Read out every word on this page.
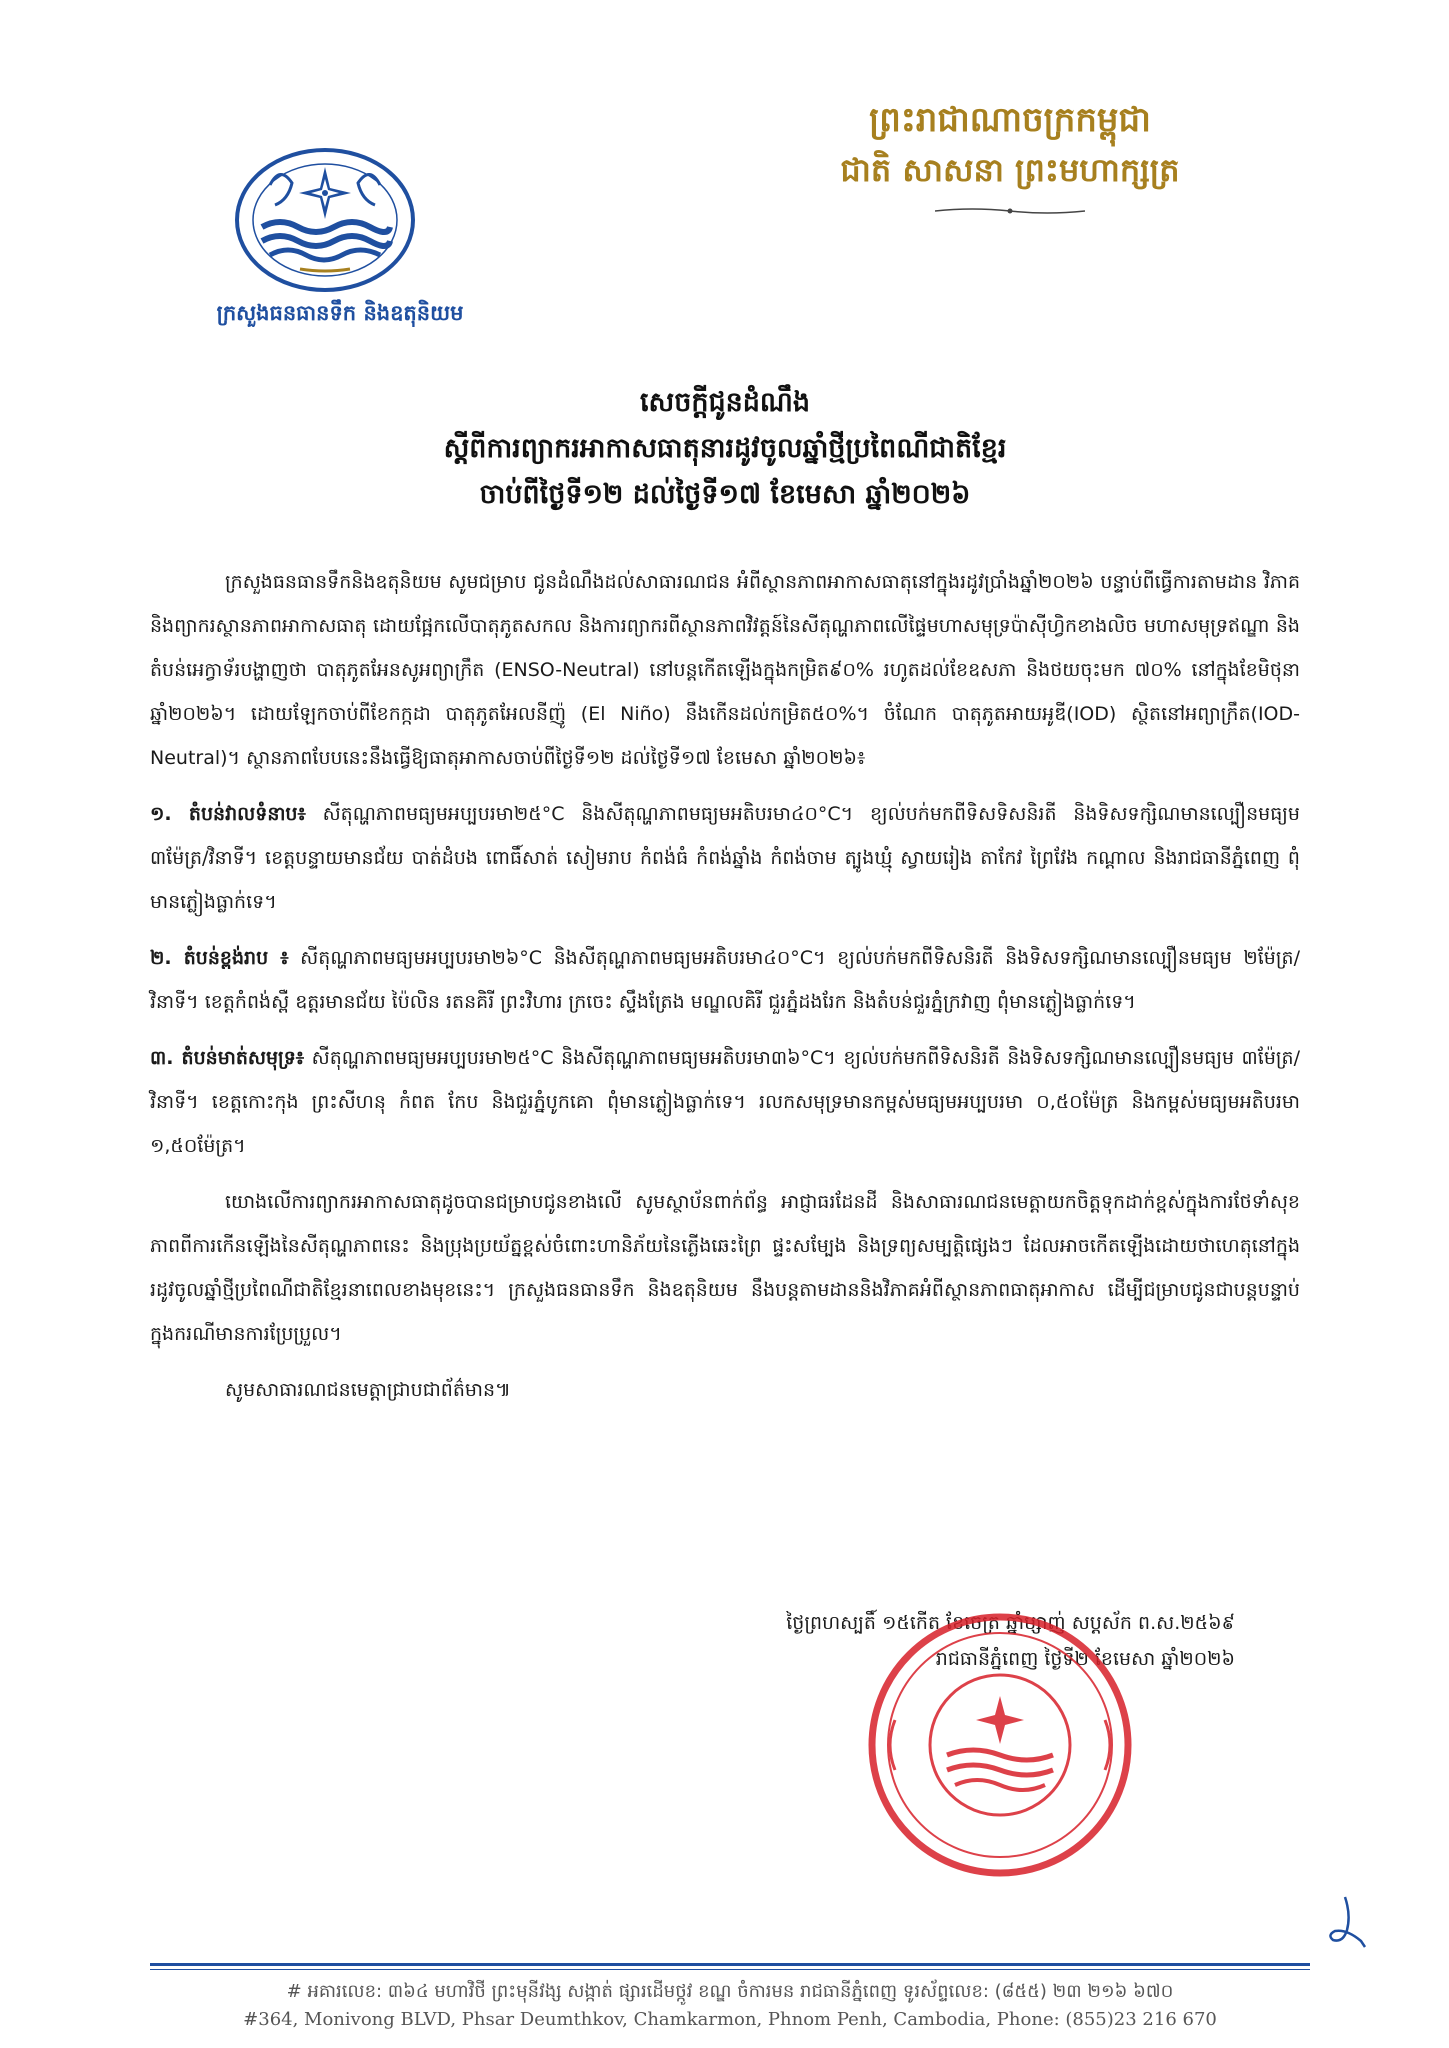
ព្រះរាជាណាចក្រកម្ពុជា
ជាតិ សាសនា ព្រះមហាក្សត្រ
ក្រសួងធនធានទឹក និងឧតុនិយម
សេចក្តីជូនដំណឹង
ស្តីពីការព្យាករអាកាសធាតុនារដូវចូលឆ្នាំថ្មីប្រពៃណីជាតិខ្មែរ
ចាប់ពីថ្ងៃទី១២ ដល់ថ្ងៃទី១៧ ខែមេសា ឆ្នាំ២០២៦

ក្រសួងធនធានទឹកនិងឧតុនិយម សូមជម្រាប ជូនដំណឹងដល់សាធារណជន អំពីស្ថានភាពអាកាសធាតុនៅក្នុងរដូវប្រាំងឆ្នាំ២០២៦ បន្ទាប់ពីធ្វើការតាមដាន វិភាគ និងព្យាករស្ថានភាពអាកាសធាតុ ដោយផ្អែកលើបាតុភូតសកល និងការព្យាករពីស្ថានភាពវិវត្តន៍នៃសីតុណ្ហភាពលើផ្ទៃមហាសមុទ្រប៉ាស៊ីហ្វិកខាងលិច មហាសមុទ្រឥណ្ឌា និងតំបន់អេក្វាទ័របង្ហាញថា បាតុភូតអែនសូអព្យាក្រឹត (ENSO-Neutral) នៅបន្តកើតឡើងក្នុងកម្រិត៩០% រហូតដល់ខែឧសភា និងថយចុះមក ៧០% នៅក្នុងខែមិថុនា ឆ្នាំ២០២៦។ ដោយឡែកចាប់ពីខែកក្កដា បាតុភូតអែលនីញ៉ូ (El Niño) នឹងកើនដល់កម្រិត៥០%។ ចំណែក បាតុភូតអាយអូឌី(IOD) ស្ថិតនៅអព្យាក្រឹត(IOD-Neutral)។ ស្ថានភាពបែបនេះនឹងធ្វើឱ្យធាតុអាកាសចាប់ពីថ្ងៃទី១២ ដល់ថ្ងៃទី១៧ ខែមេសា ឆ្នាំ២០២៦៖

១. តំបន់វាលទំនាប៖ សីតុណ្ហភាពមធ្យមអប្បបរមា២៥°C និងសីតុណ្ហភាពមធ្យមអតិបរមា៤០°C។ ខ្យល់បក់មកពីទិសទិសនិរតី និងទិសទក្សិណមានល្បឿនមធ្យម ៣ម៉ែត្រ/វិនាទី។ ខេត្តបន្ទាយមានជ័យ បាត់ដំបង ពោធិ៍សាត់ សៀមរាប កំពង់ធំ កំពង់ឆ្នាំង កំពង់ចាម ត្បូងឃ្មុំ ស្វាយរៀង តាកែវ ព្រៃវែង កណ្តាល និងរាជធានីភ្នំពេញ ពុំមានភ្លៀងធ្លាក់ទេ។

២. តំបន់ខ្ពង់រាប ៖ សីតុណ្ហភាពមធ្យមអប្បបរមា២៦°C និងសីតុណ្ហភាពមធ្យមអតិបរមា៤០°C។ ខ្យល់បក់មកពីទិសនិរតី និងទិសទក្សិណមានល្បឿនមធ្យម ២ម៉ែត្រ/វិនាទី។ ខេត្តកំពង់ស្ពឺ ឧត្តរមានជ័យ ប៉ៃលិន រតនគិរី ព្រះវិហារ ក្រចេះ ស្ទឹងត្រែង មណ្ឌលគិរី ជួរភ្នំដងរែក និងតំបន់ជួរភ្នំក្រវាញ ពុំមានភ្លៀងធ្លាក់ទេ។

៣. តំបន់មាត់សមុទ្រ៖ សីតុណ្ហភាពមធ្យមអប្បបរមា២៥°C និងសីតុណ្ហភាពមធ្យមអតិបរមា៣៦°C។ ខ្យល់បក់មកពីទិសនិរតី និងទិសទក្សិណមានល្បឿនមធ្យម ៣ម៉ែត្រ/វិនាទី។ ខេត្តកោះកុង ព្រះសីហនុ កំពត កែប និងជួរភ្នំបូកគោ ពុំមានភ្លៀងធ្លាក់ទេ។ រលកសមុទ្រមានកម្ពស់មធ្យមអប្បបរមា ០,៥០ម៉ែត្រ និងកម្ពស់មធ្យមអតិបរមា ១,៥០ម៉ែត្រ។

យោងលើការព្យាករអាកាសធាតុដូចបានជម្រាបជូនខាងលើ សូមស្ថាប័នពាក់ព័ន្ធ អាជ្ញាធរដែនដី និងសាធារណជនមេត្តាយកចិត្តទុកដាក់ខ្ពស់ក្នុងការថែទាំសុខភាពពីការកើនឡើងនៃសីតុណ្ហភាពនេះ និងប្រុងប្រយ័ត្នខ្ពស់ចំពោះហានិភ័យនៃភ្លើងឆេះព្រៃ ផ្ទះសម្បែង និងទ្រព្យសម្បត្តិផ្សេងៗ ដែលអាចកើតឡើងដោយថាហេតុនៅក្នុងរដូវចូលឆ្នាំថ្មីប្រពៃណីជាតិខ្មែរនាពេលខាងមុខនេះ។ ក្រសួងធនធានទឹក និងឧតុនិយម នឹងបន្តតាមដាននិងវិភាគអំពីស្ថានភាពធាតុអាកាស ដើម្បីជម្រាបជូនជាបន្តបន្ទាប់ ក្នុងករណីមានការប្រែប្រួល។

សូមសាធារណជនមេត្តាជ្រាបជាព័ត៌មាន៕

ថ្ងៃព្រហស្បតិ៍ ១៥កើត ខែចេត្រ ឆ្នាំម្សាញ់ សប្តស័ក ព.ស.២៥៦៩
រាជធានីភ្នំពេញ ថ្ងៃទី២ ខែមេសា ឆ្នាំ២០២៦
# អគារលេខ: ៣៦៤ មហាវិថី ព្រះមុនីវង្ស សង្កាត់ ផ្សារដើមថ្កូវ ខណ្ឌ ចំការមន រាជធានីភ្នំពេញ ទូរស័ព្ទលេខ: (៨៥៥) ២៣ ២១៦ ៦៧០
#364, Monivong BLVD, Phsar Deumthkov, Chamkarmon, Phnom Penh, Cambodia, Phone: (855)23 216 670
